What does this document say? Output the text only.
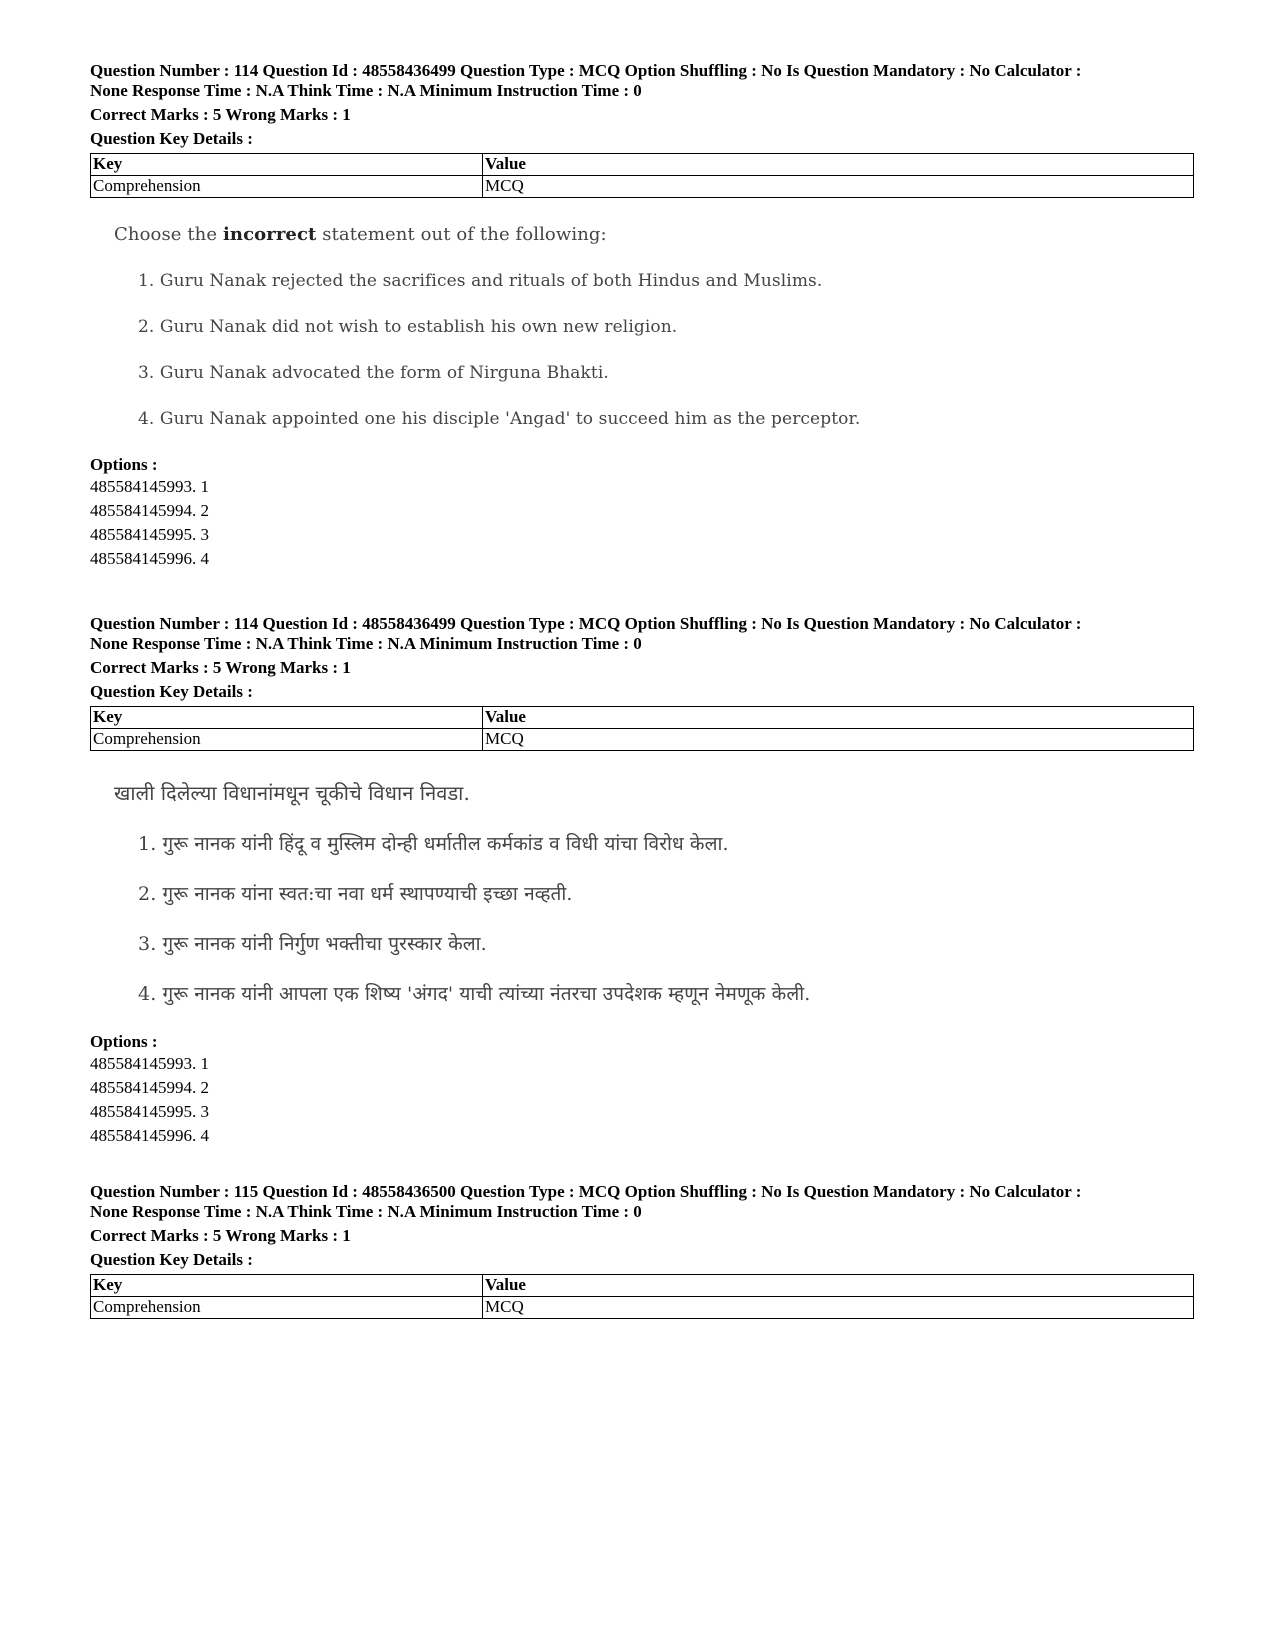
Question Number : 114 Question Id : 48558436499 Question Type : MCQ Option Shuffling : No Is Question Mandatory : No Calculator :

None Response Time : N.A Think Time : N.A Minimum Instruction Time : 0

Correct Marks : 5 Wrong Marks : 1
Question Key Details :
Key	Value
Comprehension	MCQ
Choose the incorrect statement out of the following:
1. Guru Nanak rejected the sacrifices and rituals of both Hindus and Muslims.
2. Guru Nanak did not wish to establish his own new religion.
3. Guru Nanak advocated the form of Nirguna Bhakti.
4. Guru Nanak appointed one his disciple 'Angad' to succeed him as the perceptor.
Options :
485584145993. 1
485584145994. 2
485584145995. 3
485584145996. 4

Question Number : 114 Question Id : 48558436499 Question Type : MCQ Option Shuffling : No Is Question Mandatory : No Calculator :

None Response Time : N.A Think Time : N.A Minimum Instruction Time : 0

Correct Marks : 5 Wrong Marks : 1
Question Key Details :
Key	Value
Comprehension	MCQ
खाली दिलेल्या विधानांमधून चूकीचे विधान निवडा.
1. गुरू नानक यांनी हिंदू व मुस्लिम दोन्ही धर्मातील कर्मकांड व विधी यांचा विरोध केला.
2. गुरू नानक यांना स्वत:चा नवा धर्म स्थापण्याची इच्छा नव्हती.
3. गुरू नानक यांनी निर्गुण भक्तीचा पुरस्कार केला.
4. गुरू नानक यांनी आपला एक शिष्य 'अंगद' याची त्यांच्या नंतरचा उपदेशक म्हणून नेमणूक केली.
Options :
485584145993. 1
485584145994. 2
485584145995. 3
485584145996. 4

Question Number : 115 Question Id : 48558436500 Question Type : MCQ Option Shuffling : No Is Question Mandatory : No Calculator :

None Response Time : N.A Think Time : N.A Minimum Instruction Time : 0

Correct Marks : 5 Wrong Marks : 1
Question Key Details :
Key	Value
Comprehension	MCQ
